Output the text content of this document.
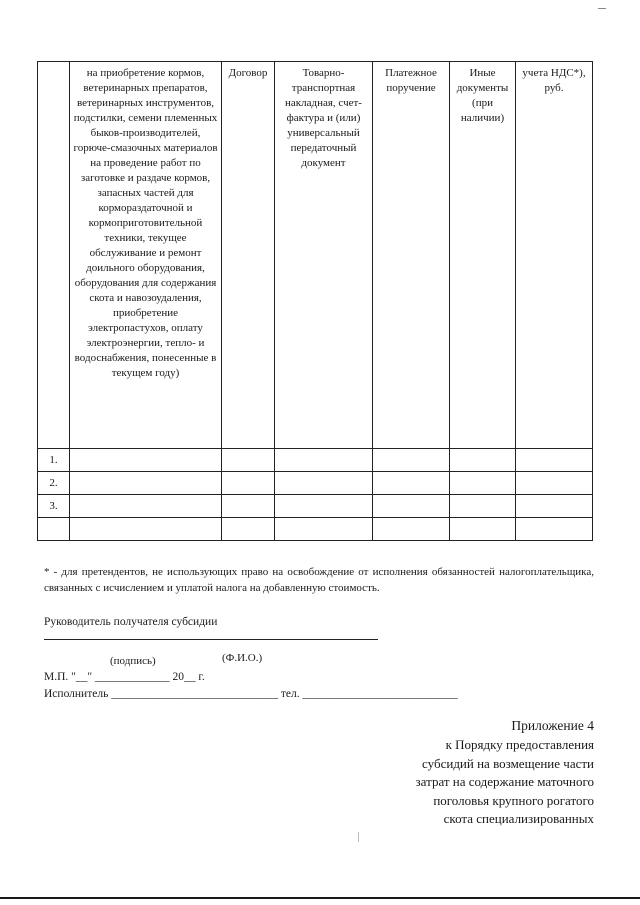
	на приобретение кормов, ветеринарных препаратов, ветеринарных инструментов, подстилки, семени племенных быков-производителей, горюче-смазочных материалов на проведение работ по заготовке и раздаче кормов, запасных частей для кормораздаточной и кормоприготовительной техники, текущее обслуживание и ремонт доильного оборудования, оборудования для содержания скота и навозоудаления, приобретение электропастухов, оплату электроэнергии, тепло- и водоснабжения, понесенные в текущем году)	Договор	Товарно-транспортная накладная, счет-фактура и (или) универсальный передаточный документ	Платежное поручение	Иные документы (при наличии)	учета НДС*), руб.
1.						
2.						
3.						

* - для претендентов, не использующих право на освобождение от исполнения обязанностей налогоплательщика, связанных с исчислением и уплатой налога на добавленную стоимость.
Руководитель получателя субсидии
(подпись)	(Ф.И.О.)
М.П. "__" _____________ 20__ г.
Исполнитель _____________________________ тел. ___________________________
Приложение 4
к Порядку предоставления
субсидий на возмещение части
затрат на содержание маточного
поголовья крупного рогатого
скота специализированных
